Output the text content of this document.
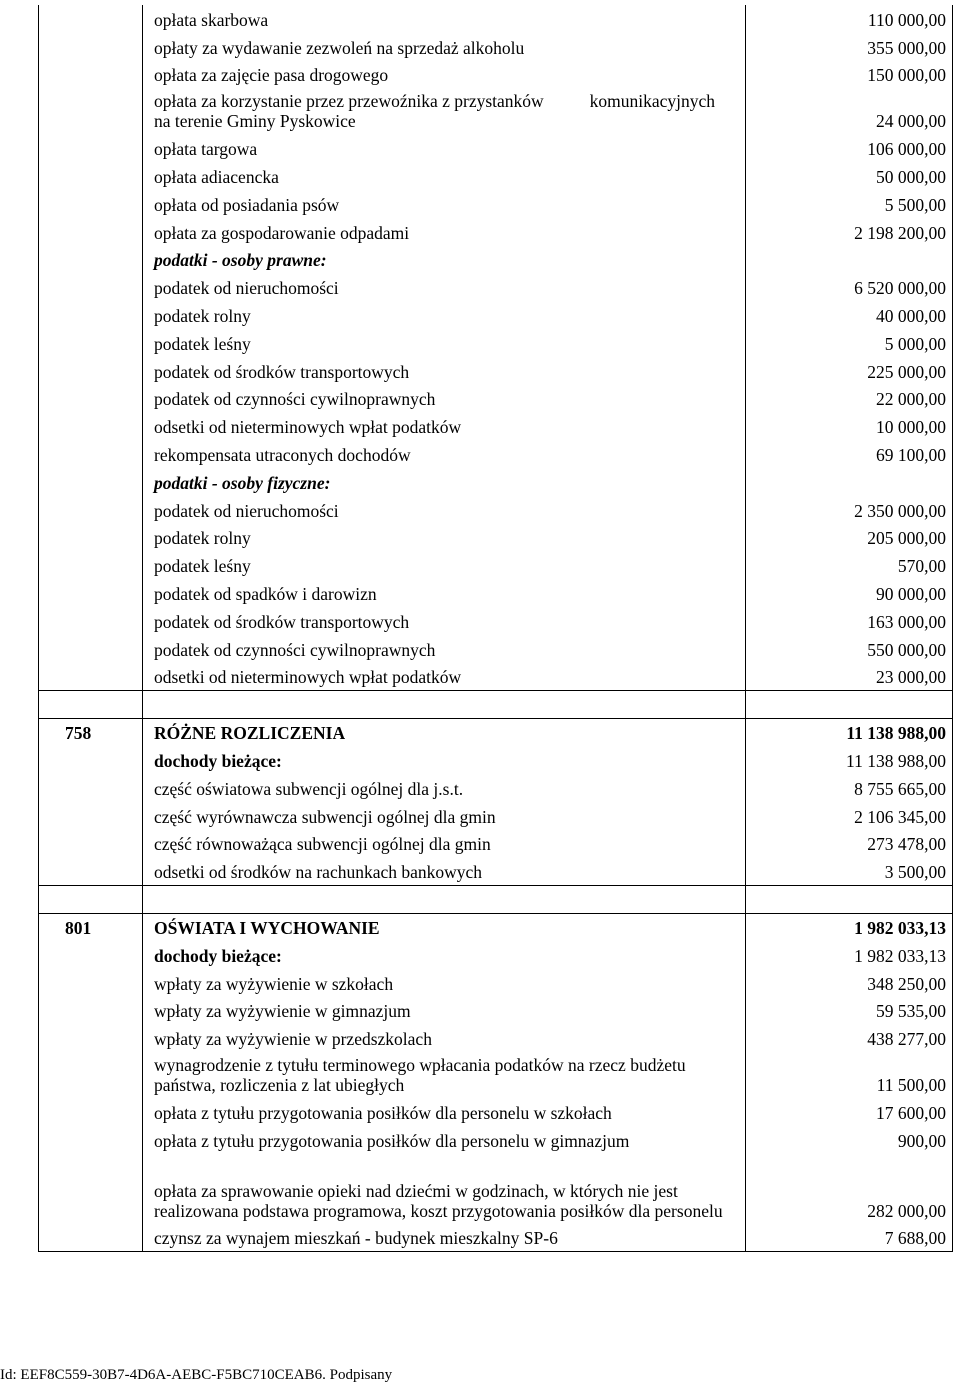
	opłata skarbowa	110 000,00
	opłaty za wydawanie zezwoleń na sprzedaż alkoholu	355 000,00
	opłata za zajęcie pasa drogowego	150 000,00

	opłata za korzystanie przez przewoźnika z przystanków komunikacyjnych
na terenie Gminy Pyskowice	24 000,00
	opłata targowa	106 000,00
	opłata adiacencka	50 000,00
	opłata od posiadania psów	5 500,00
	opłata za gospodarowanie odpadami	2 198 200,00
	podatki - osoby prawne:	
	podatek od nieruchomości	6 520 000,00
	podatek rolny	40 000,00
	podatek leśny	5 000,00
	podatek od środków transportowych	225 000,00
	podatek od czynności cywilnoprawnych	22 000,00
	odsetki od nieterminowych wpłat podatków	10 000,00
	rekompensata utraconych dochodów	69 100,00
	podatki - osoby fizyczne:	
	podatek od nieruchomości	2 350 000,00
	podatek rolny	205 000,00
	podatek leśny	570,00
	podatek od spadków i darowizn	90 000,00
	podatek od środków transportowych	163 000,00
	podatek od czynności cywilnoprawnych	550 000,00
	odsetki od nieterminowych wpłat podatków	23 000,00

758	RÓŻNE ROZLICZENIA	11 138 988,00
	dochody bieżące:	11 138 988,00
	część oświatowa subwencji ogólnej dla j.s.t.	8 755 665,00
	część wyrównawcza subwencji ogólnej dla gmin	2 106 345,00
	część równoważąca subwencji ogólnej dla gmin	273 478,00
	odsetki od środków na rachunkach bankowych	3 500,00

801	OŚWIATA I WYCHOWANIE	1 982 033,13
	dochody bieżące:	1 982 033,13
	wpłaty za wyżywienie w szkołach	348 250,00
	wpłaty za wyżywienie w gimnazjum	59 535,00
	wpłaty za wyżywienie w przedszkolach	438 277,00
	wynagrodzenie z tytułu terminowego wpłacania podatków na rzecz budżetu państwa, rozliczenia z lat ubiegłych	11 500,00
	opłata z tytułu przygotowania posiłków dla personelu w szkołach	17 600,00
	opłata z tytułu przygotowania posiłków dla personelu w gimnazjum	900,00
	opłata za sprawowanie opieki nad dziećmi w godzinach, w których nie jest realizowana podstawa programowa, koszt przygotowania posiłków dla personelu	282 000,00
	czynsz za wynajem mieszkań - budynek mieszkalny SP-6	7 688,00
Id: EEF8C559-30B7-4D6A-AEBC-F5BC710CEAB6. Podpisany
